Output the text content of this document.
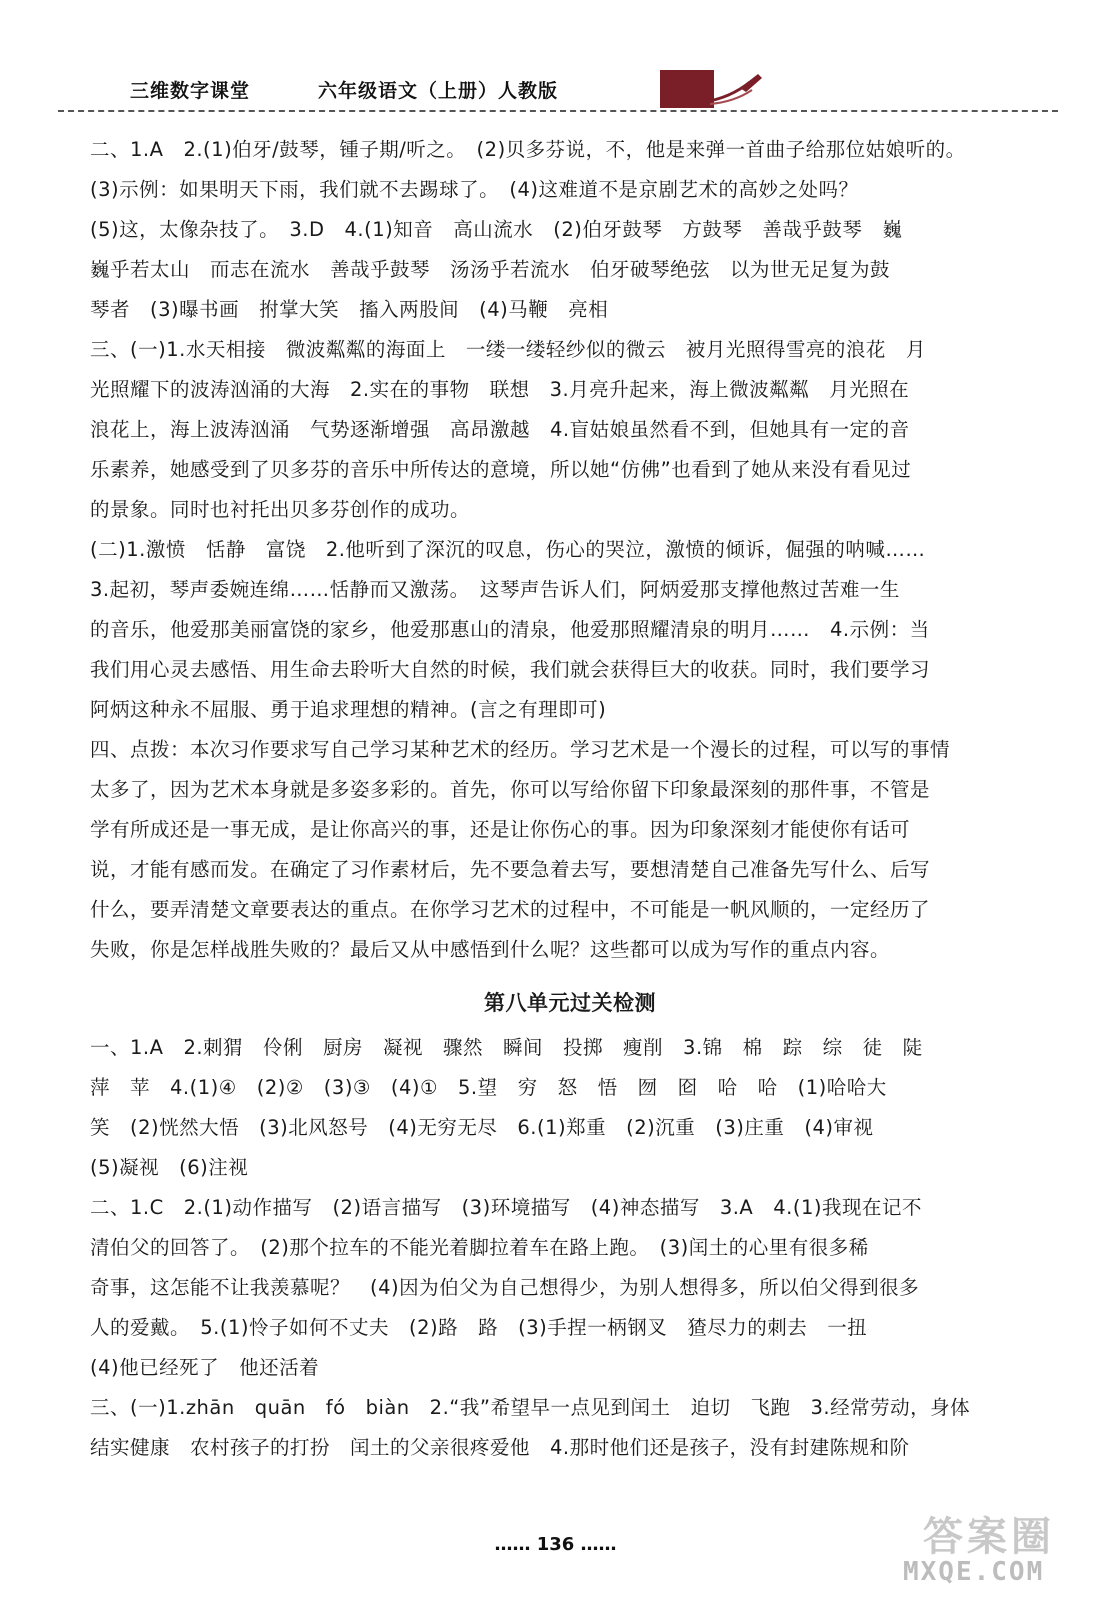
三维数字课堂	六年级语文（上册）人教版
二、1.A　2.(1)伯牙/鼓琴，锺子期/听之。　(2)贝多芬说，不，他是来弹一首曲子给那位姑娘听的。
(3)示例：如果明天下雨，我们就不去踢球了。　(4)这难道不是京剧艺术的高妙之处吗？
(5)这，太像杂技了。　3.D　4.(1)知音　高山流水　(2)伯牙鼓琴　方鼓琴　善哉乎鼓琴　巍
巍乎若太山　而志在流水　善哉乎鼓琴　汤汤乎若流水　伯牙破琴绝弦　以为世无足复为鼓
琴者　(3)曝书画　拊掌大笑　搐入两股间　(4)马鞭　亮相
三、(一)1.水天相接　微波粼粼的海面上　一缕一缕轻纱似的微云　被月光照得雪亮的浪花　月
光照耀下的波涛汹涌的大海　2.实在的事物　联想　3.月亮升起来，海上微波粼粼　月光照在
浪花上，海上波涛汹涌　气势逐渐增强　高昂激越　4.盲姑娘虽然看不到，但她具有一定的音
乐素养，她感受到了贝多芬的音乐中所传达的意境，所以她“仿佛”也看到了她从来没有看见过
的景象。同时也衬托出贝多芬创作的成功。
(二)1.激愤　恬静　富饶　2.他听到了深沉的叹息，伤心的哭泣，激愤的倾诉，倔强的呐喊……
3.起初，琴声委婉连绵……恬静而又激荡。　这琴声告诉人们，阿炳爱那支撑他熬过苦难一生
的音乐，他爱那美丽富饶的家乡，他爱那惠山的清泉，他爱那照耀清泉的明月……　4.示例：当
我们用心灵去感悟、用生命去聆听大自然的时候，我们就会获得巨大的收获。同时，我们要学习
阿炳这种永不屈服、勇于追求理想的精神。(言之有理即可)
四、点拨：本次习作要求写自己学习某种艺术的经历。学习艺术是一个漫长的过程，可以写的事情
太多了，因为艺术本身就是多姿多彩的。首先，你可以写给你留下印象最深刻的那件事，不管是
学有所成还是一事无成，是让你高兴的事，还是让你伤心的事。因为印象深刻才能使你有话可
说，才能有感而发。在确定了习作素材后，先不要急着去写，要想清楚自己准备先写什么、后写
什么，要弄清楚文章要表达的重点。在你学习艺术的过程中，不可能是一帆风顺的，一定经历了
失败，你是怎样战胜失败的？最后又从中感悟到什么呢？这些都可以成为写作的重点内容。
第八单元过关检测
一、1.A　2.刺猬　伶俐　厨房　凝视　骤然　瞬间　投掷　瘦削　3.锦　棉　踪　综　徒　陡
萍　苹　4.(1)④　(2)②　(3)③　(4)①　5.望　穷　怒　悟　囫　囵　哈　哈　(1)哈哈大
笑　(2)恍然大悟　(3)北风怒号　(4)无穷无尽　6.(1)郑重　(2)沉重　(3)庄重　(4)审视
(5)凝视　(6)注视
二、1.C　2.(1)动作描写　(2)语言描写　(3)环境描写　(4)神态描写　3.A　4.(1)我现在记不
清伯父的回答了。　(2)那个拉车的不能光着脚拉着车在路上跑。　(3)闰土的心里有很多稀
奇事，这怎能不让我羡慕呢？　(4)因为伯父为自己想得少，为别人想得多，所以伯父得到很多
人的爱戴。　5.(1)怜子如何不丈夫　(2)路　路　(3)手捏一柄钢叉　猹尽力的刺去　一扭
(4)他已经死了　他还活着
三、(一)1.zhān　quān　fó　biàn　2.“我”希望早一点见到闰土　迫切　飞跑　3.经常劳动，身体
结实健康　农村孩子的打扮　闰土的父亲很疼爱他　4.那时他们还是孩子，没有封建陈规和阶
…… 136 ……	答案圈
MXQE.COM
